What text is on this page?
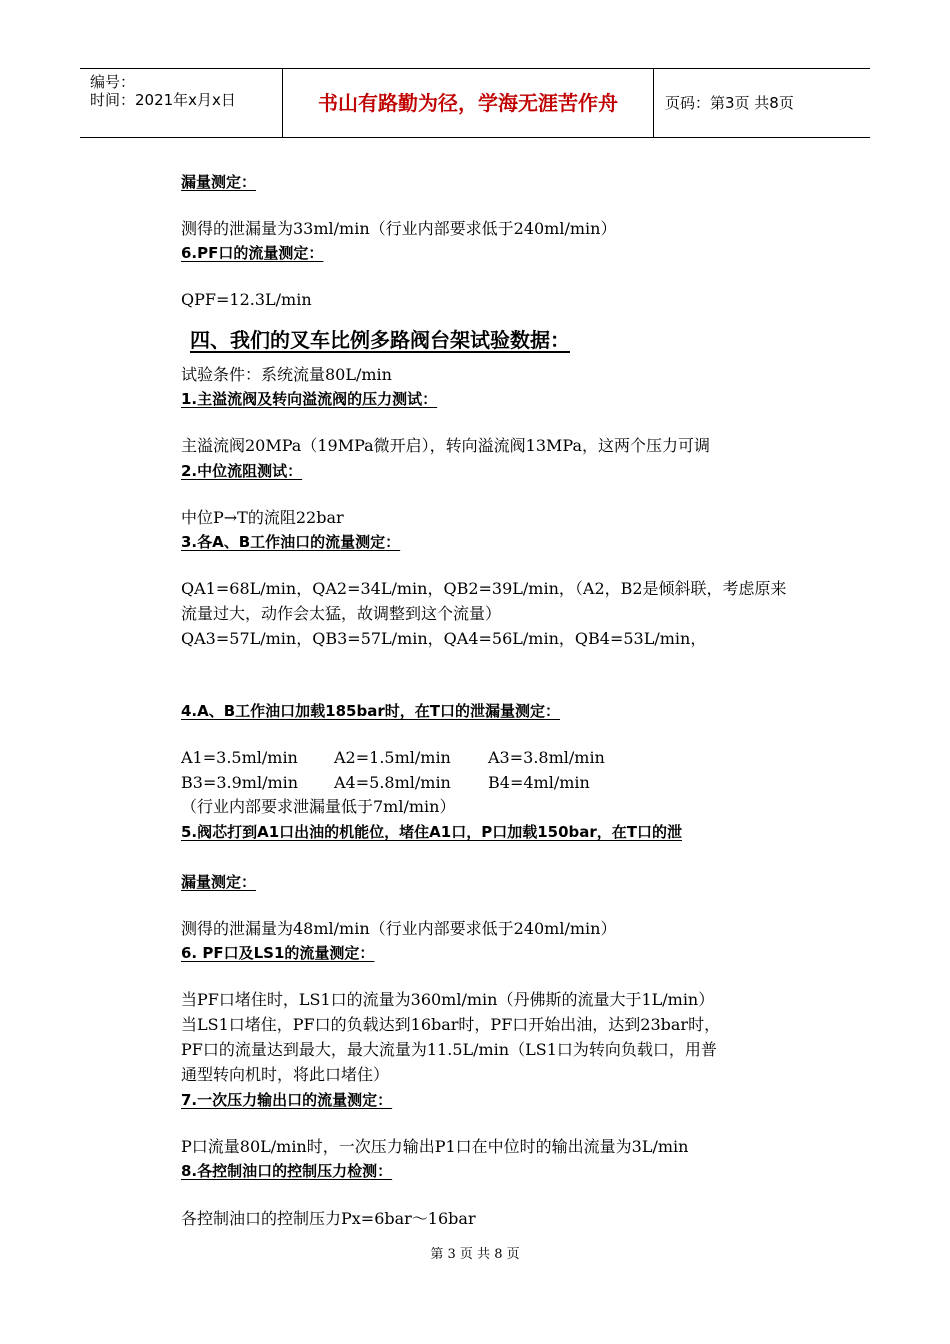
编号：
时间：2021年x月x日	书山有路勤为径，学海无涯苦作舟	页码：第3页 共8页
漏量测定：
测得的泄漏量为33ml/min（行业内部要求低于240ml/min）
6.PF口的流量测定：
QPF=12.3L/min
四、我们的叉车比例多路阀台架试验数据：
试验条件：系统流量80L/min
1.主溢流阀及转向溢流阀的压力测试：
主溢流阀20MPa（19MPa微开启），转向溢流阀13MPa，这两个压力可调
2.中位流阻测试：
中位P→T的流阻22bar
3.各A、B工作油口的流量测定：
QA1=68L/min，QA2=34L/min，QB2=39L/min，（A2，B2是倾斜联，考虑原来
流量过大，动作会太猛，故调整到这个流量）
QA3=57L/min，QB3=57L/min，QA4=56L/min，QB4=53L/min，
4.A、B工作油口加载185bar时，在T口的泄漏量测定：
A1=3.5ml/min A2=1.5ml/min A3=3.8ml/min
B3=3.9ml/min A4=5.8ml/min B4=4ml/min
（行业内部要求泄漏量低于7ml/min）
5.阀芯打到A1口出油的机能位，堵住A1口，P口加载150bar，在T口的泄
漏量测定：
测得的泄漏量为48ml/min（行业内部要求低于240ml/min）
6. PF口及LS1的流量测定：
当PF口堵住时，LS1口的流量为360ml/min（丹佛斯的流量大于1L/min）
当LS1口堵住，PF口的负载达到16bar时，PF口开始出油，达到23bar时，
PF口的流量达到最大，最大流量为11.5L/min（LS1口为转向负载口，用普
通型转向机时，将此口堵住）
7.一次压力输出口的流量测定：
P口流量80L/min时，一次压力输出P1口在中位时的输出流量为3L/min
8.各控制油口的控制压力检测：
各控制油口的控制压力Px=6bar～16bar
第 3 页 共 8 页
